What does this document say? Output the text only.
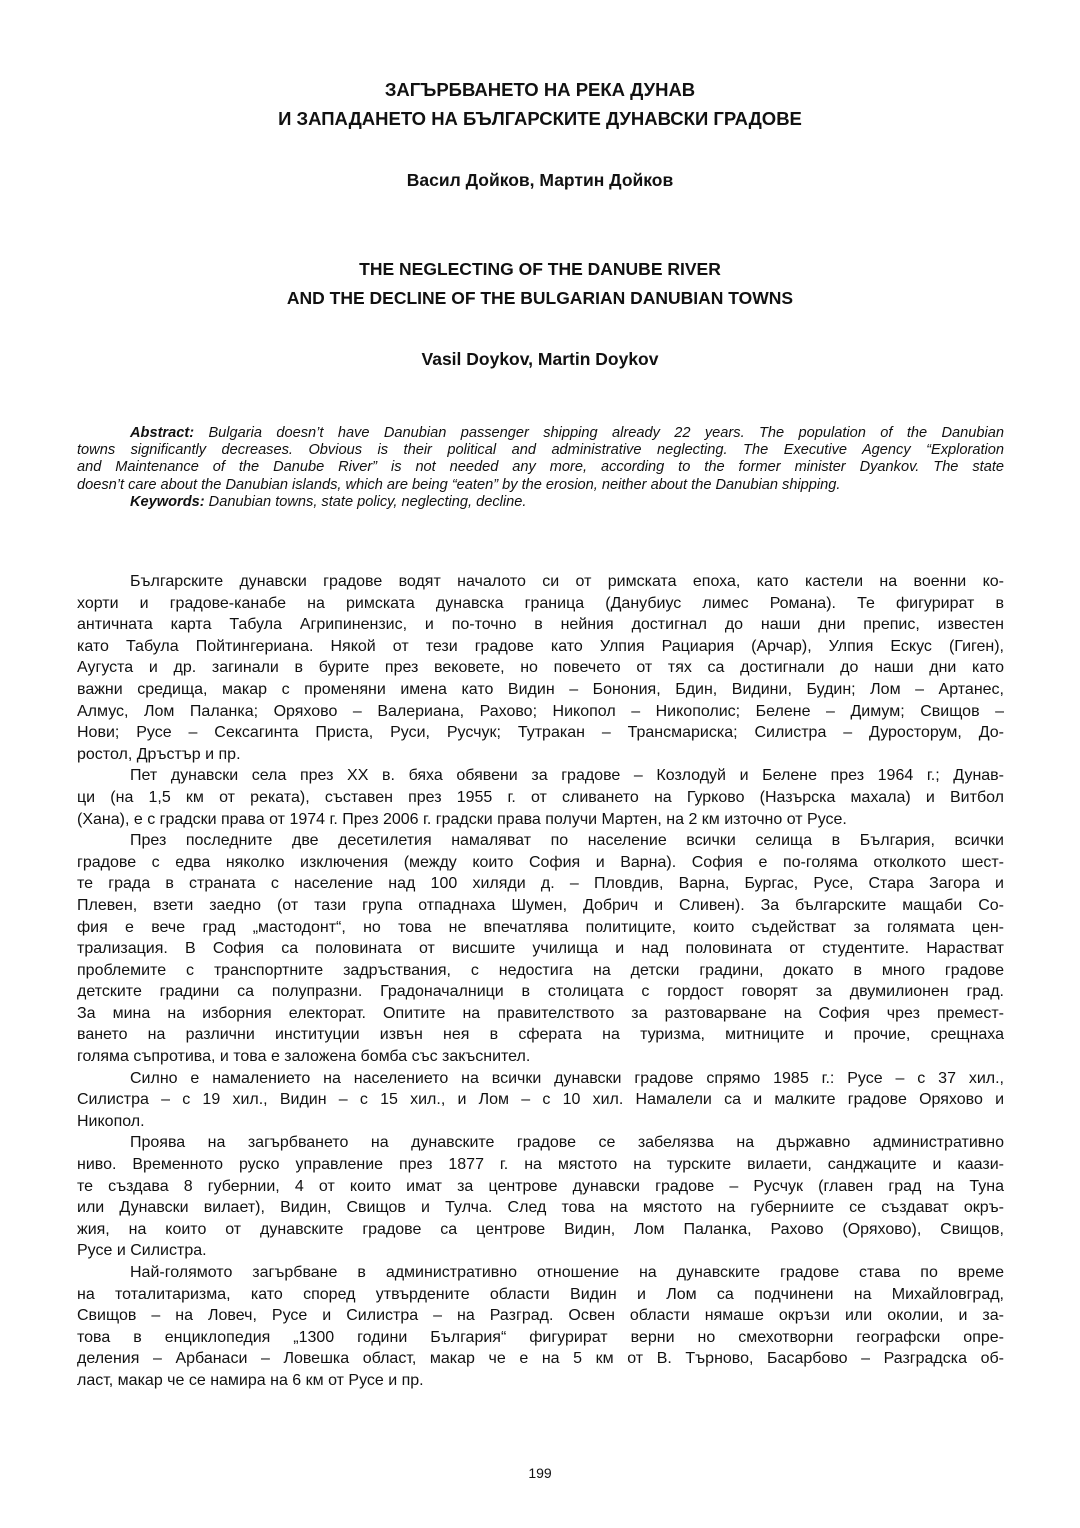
ЗАГЪРБВАНЕТО НА РЕКА ДУНАВ
И ЗАПАДАНЕТО НА БЪЛГАРСКИТЕ ДУНАВСКИ ГРАДОВЕ
Васил Дойков, Мартин Дойков
THE NEGLECTING OF THE DANUBE RIVER
AND THE DECLINE OF THE BULGARIAN DANUBIAN TOWNS
Vasil Doykov, Martin Doykov
Abstract: Bulgaria doesn’t have Danubian passenger shipping already 22 years. The population of the Danubian
towns significantly decreases. Obvious is their political and administrative neglecting. The Executive Agency “Exploration
and Maintenance of the Danube River” is not needed any more, according to the former minister Dyankov. The state
doesn’t care about the Danubian islands, which are being “eaten” by the erosion, neither about the Danubian shipping.
Keywords: Danubian towns, state policy, neglecting, decline.
Българските дунавски градове водят началото си от римската епоха, като кастели на военни ко-
хорти и градове-канабе на римската дунавска граница (Данубиус лимес Романа). Те фигурират в
античната карта Табула Агрипинензис, и по-точно в нейния достигнал до наши дни препис, известен
като Табула Пойтингериана. Някой от тези градове като Улпия Рациария (Арчар), Улпия Ескус (Гиген),
Аугуста и др. загинали в бурите през вековете, но повечето от тях са достигнали до наши дни като
важни средища, макар с променяни имена като Видин – Бонония, Бдин, Видини, Будин; Лом – Артанес,
Алмус, Лом Паланка; Оряхово – Валериана, Рахово; Никопол – Никополис; Белене – Димум; Свищов –
Нови; Русе – Сексагинта Приста, Руси, Русчук; Тутракан – Трансмариска; Силистра – Дуросторум, До-
ростол, Дръстър и пр.
Пет дунавски села през XX в. бяха обявени за градове – Козлодуй и Белене през 1964 г.; Дунав-
ци (на 1,5 км от реката), съставен през 1955 г. от сливането на Гурково (Назърска махала) и Витбол
(Хана), е с градски права от 1974 г. През 2006 г. градски права получи Мартен, на 2 км източно от Русе.
През последните две десетилетия намаляват по население всички селища в България, всички
градове с едва няколко изключения (между които София и Варна). София е по-голяма отколкото шест-
те града в страната с население над 100 хиляди д. – Пловдив, Варна, Бургас, Русе, Стара Загора и
Плевен, взети заедно (от тази група отпаднаха Шумен, Добрич и Сливен). За българските мащаби Со-
фия е вече град „мастодонт“, но това не впечатлява политиците, които съдействат за голямата цен-
трализация. В София са половината от висшите училища и над половината от студентите. Нарастват
проблемите с транспортните задръствания, с недостига на детски градини, докато в много градове
детските градини са полупразни. Градоначалници в столицата с гордост говорят за двумилионен град.
За мина на изборния електорат. Опитите на правителството за разтоварване на София чрез премест-
ването на различни институции извън нея в сферата на туризма, митниците и прочие, срещнаха
голяма съпротива, и това е заложена бомба със закъснител.
Силно е намалението на населението на всички дунавски градове спрямо 1985 г.: Русе – с 37 хил.,
Силистра – с 19 хил., Видин – с 15 хил., и Лом – с 10 хил. Намалели са и малките градове Оряхово и
Никопол.
Проява на загърбването на дунавските градове се забелязва на държавно административно
ниво. Временното руско управление през 1877 г. на мястото на турските вилаети, санджаците и каази-
те създава 8 губернии, 4 от които имат за центрове дунавски градове – Русчук (главен град на Туна
или Дунавски вилает), Видин, Свищов и Тулча. След това на мястото на губерниите се създават окръ-
жия, на които от дунавските градове са центрове Видин, Лом Паланка, Рахово (Оряхово), Свищов,
Русе и Силистра.
Най-голямото загърбване в административно отношение на дунавските градове става по време
на тоталитаризма, като според утвърдените области Видин и Лом са подчинени на Михайловград,
Свищов – на Ловеч, Русе и Силистра – на Разград. Освен области нямаше окръзи или околии, и за-
това в енциклопедия „1300 години България“ фигурират верни но смехотворни географски опре-
деления – Арбанаси – Ловешка област, макар че е на 5 км от В. Търново, Басарбово – Разградска об-
ласт, макар че се намира на 6 км от Русе и пр.
199
